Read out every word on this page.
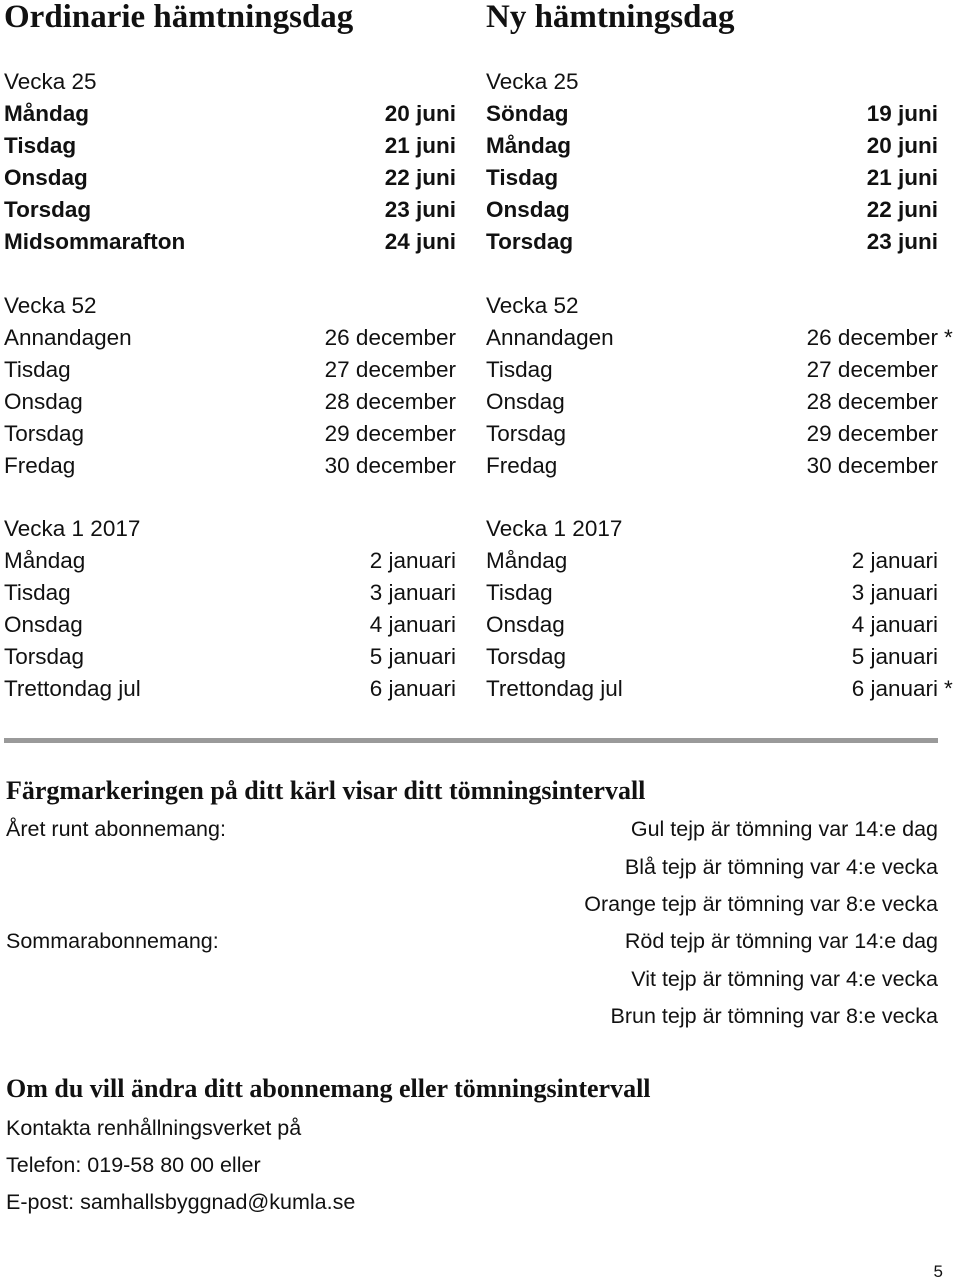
Ordinarie hämtningsdag
Vecka 25
Måndag	20 juni
Tisdag	21 juni
Onsdag	22 juni
Torsdag	23 juni
Midsommarafton	24 juni
Vecka 52
Annandagen	26 december
Tisdag	27 december
Onsdag	28 december
Torsdag	29 december
Fredag	30 december
Vecka 1 2017
Måndag	2 januari
Tisdag	3 januari
Onsdag	4 januari
Torsdag	5 januari
Trettondag jul	6 januari
Ny hämtningsdag
Vecka 25
Söndag	19 juni
Måndag	20 juni
Tisdag	21 juni
Onsdag	22 juni
Torsdag	23 juni
Vecka 52
Annandagen	26 december *
Tisdag	27 december
Onsdag	28 december
Torsdag	29 december
Fredag	30 december
Vecka 1 2017
Måndag	2 januari
Tisdag	3 januari
Onsdag	4 januari
Torsdag	5 januari
Trettondag jul	6 januari *
Färgmarkeringen på ditt kärl visar ditt tömningsintervall
Året runt abonnemang:	Gul tejp är tömning var 14:e dag
Blå tejp är tömning var 4:e vecka
Orange tejp är tömning var 8:e vecka
Sommarabonnemang:	Röd tejp är tömning var 14:e dag
Vit tejp är tömning var 4:e vecka
Brun tejp är tömning var 8:e vecka
Om du vill ändra ditt abonnemang eller tömningsintervall
Kontakta renhållningsverket på
Telefon: 019-58 80 00 eller
E-post: samhallsbyggnad@kumla.se
5
